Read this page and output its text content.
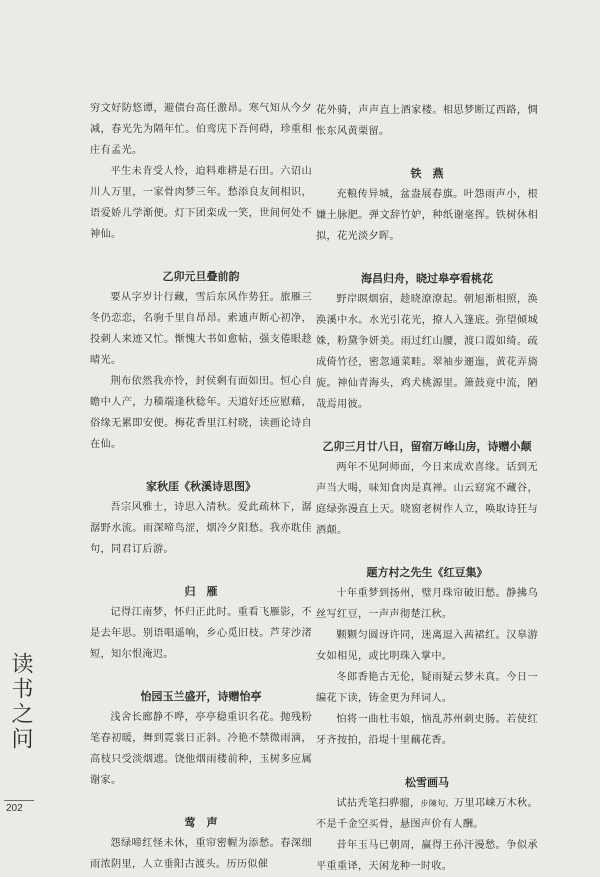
穷文好防悠谭，避债台高任激昂。寒气知从今夕减，春光先为隔年忙。伯鸾庑下吾何碍，珍重相庄有孟光。

平生未肯受人怜，迫料难耕是石田。六诏山川人万里，一家骨肉梦三年。愁添良友间相识，语爱娇儿学渐便。灯下团栾成一笑，世间何处不神仙。

乙卯元旦叠前韵

要从字岁计行藏，雪后东风作势狂。旅雁三冬仍恋恋，名驹千里自昂昂。索逋声断心初净，投刺人来迹又忙。惭愧大书如愈帖，强支倦眼趁晴光。

荆布依然我亦怜，封侯剩有面如田。恒心自瞻中人产，力穑端逢秋稔年。天道好还应慰藉，俗缘无累即安便。梅花香里江村晓，读画论诗自在仙。

家秋厓《秋溪诗思图》

吾宗风雅士，诗思入清秋。爱此疏林下，潺潺野水流。雨深啼鸟涩，烟冷夕阳愁。我亦耽佳句，同君订后游。

归　雁

记得江南梦，怀归正此时。重看飞雁影，不是去年思。别语唱遥响，乡心觅旧枝。芦芽沙渚短，知尔恨淹迟。

怡园玉兰盛开，诗赠怡亭

浅舍长廊静不哗，亭亭稳重识名花。抛残粉笔春初暖，舞到霓裳日正斜。冷艳不禁微雨滴，高枝只受淡烟遮。饶他烟雨楼前种，玉树多应属谢家。

莺　声

怨绿啼红怪未休，重帘密幄为添愁。春深细雨浓阴里，人立垂阳古渡头。历历似催

花外骑，声声直上酒家楼。相思梦断辽西路，惆怅东风黄栗留。

铁　燕

充粮传异城，盆盎展春旗。叶怨雨声小，根嫌土脉肥。弹文辞竹妒，种纸谢毫挥。铁树休相拟，花光淡夕晖。

海昌归舟，晓过皋亭看桃花

野岸暝烟宿，趁晓潦潦起。朝旭渐相照，涣涣溪中水。水光引花光，撩人入篷底。弥望倾城姝，粉黛争妍美。雨过红山腰，渡口霞如绮。疏成倚竹径，密忽通菜畦。翠袖步逦迤，黄花弄旖旎。神仙青海头，鸡犬桃源里。箫鼓竟中流，陋哉焉用彼。

乙卯三月廿八日，留宿万峰山房，诗赠小颠

两年不见阿师面，今日来成欢喜缘。话到无声当大喝，味知食肉是真禅。山云窈窕不藏谷，庭绿弥漫直上天。晓窗老树作人立，唤取诗狂与酒颠。

题方村之先生《红豆集》

十年重梦到扬州，璧月珠帘破旧愁。静拂乌丝写红豆，一声声彻楚江秋。

颗颗匀圆讶许同，迷离逗入茜裙红。汉皋游女如相见，或比明珠入掌中。

冬郎香艳古无伦，疑雨疑云梦未真。今日一编花下读，铸金更为拜词人。

怕将一曲杜韦娘，恼乱苏州刺史肠。若使红牙齐按拍，沿堤十里藕花香。

松雪画马

试拈秃笔扫骅骝，步陳句。万里邛崃万木秋。不是千金空买骨，悬图声价有人酬。

昔年玉马已朝周，赢得王孙汗漫愁。争似承平重重译，天闲龙种一时收。

读书之问
202
